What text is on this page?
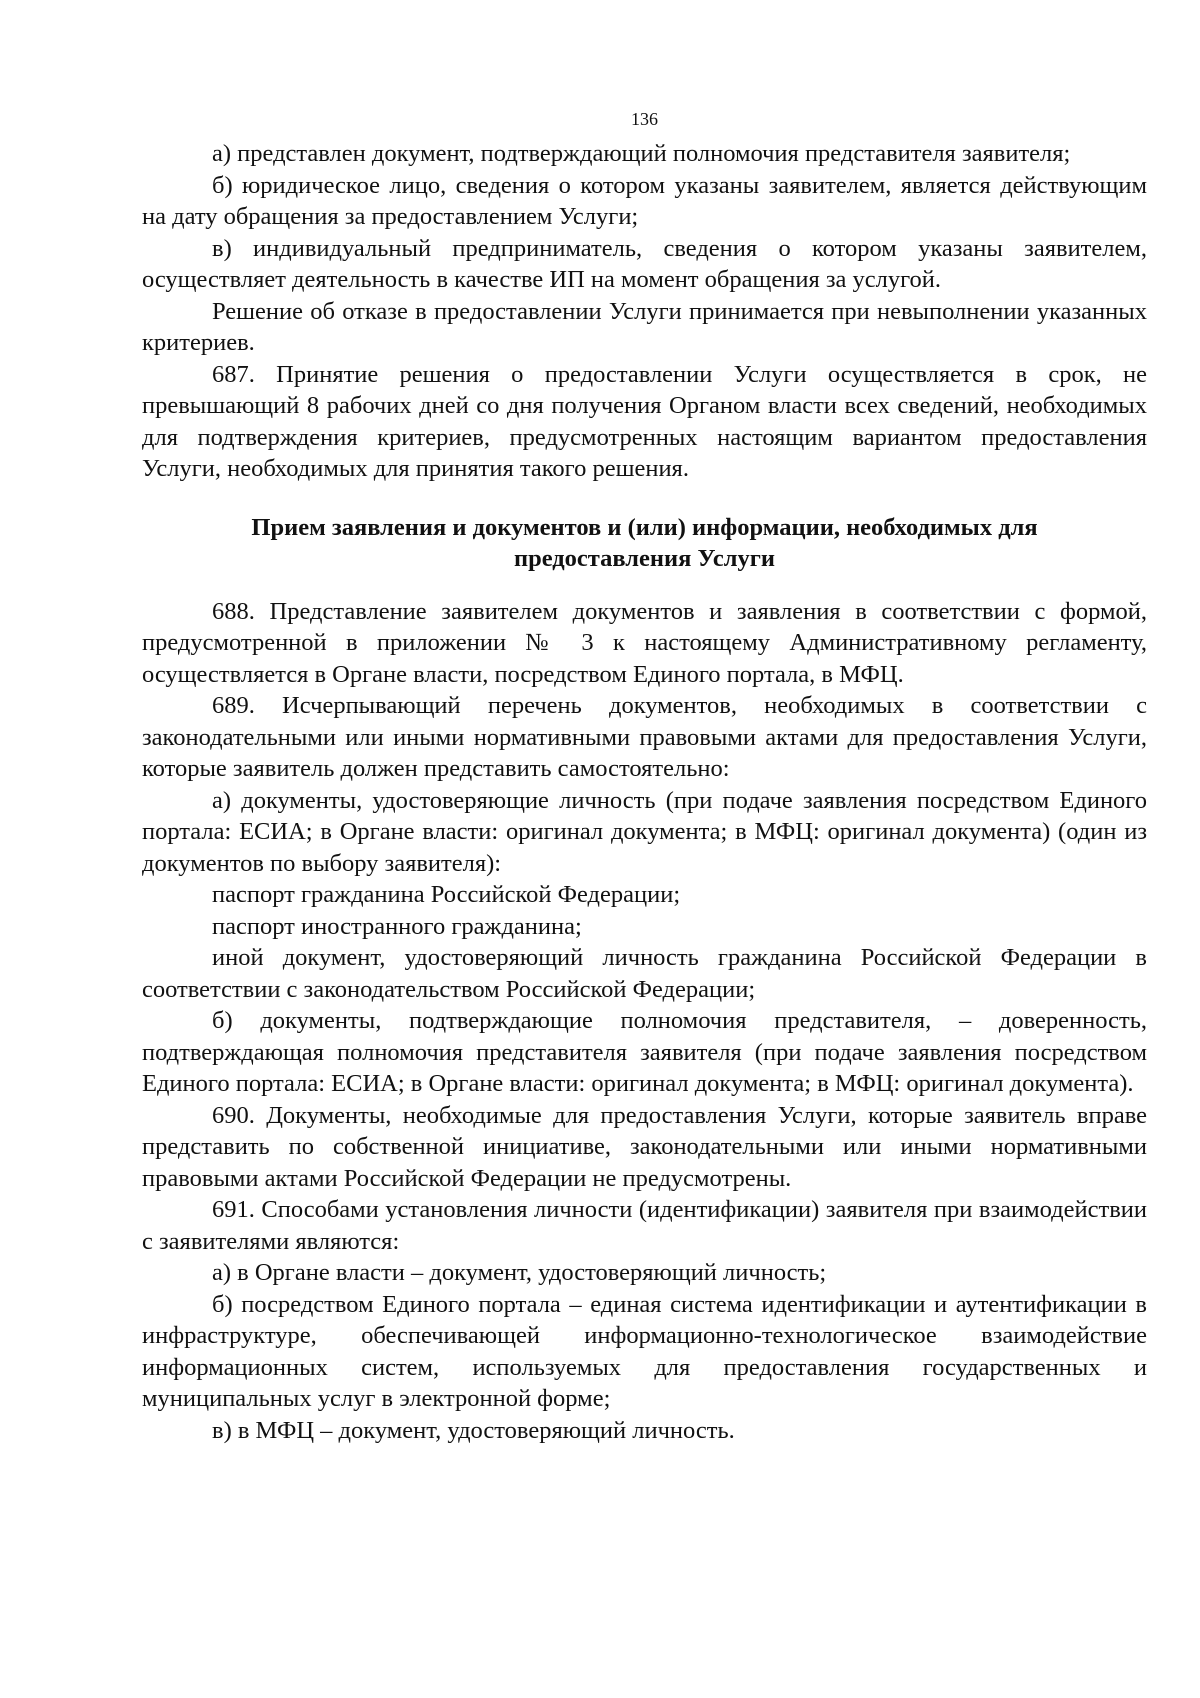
136

а) представлен документ, подтверждающий полномочия представителя заявителя;

б) юридическое лицо, сведения о котором указаны заявителем, является действующим на дату обращения за предоставлением Услуги;

в) индивидуальный предприниматель, сведения о котором указаны заявителем, осуществляет деятельность в качестве ИП на момент обращения за услугой.

Решение об отказе в предоставлении Услуги принимается при невыполнении указанных критериев.

687. Принятие решения о предоставлении Услуги осуществляется в срок, не превышающий 8 рабочих дней со дня получения Органом власти всех сведений, необходимых для подтверждения критериев, предусмотренных настоящим вариантом предоставления Услуги, необходимых для принятия такого решения.

Прием заявления и документов и (или) информации, необходимых для предоставления Услуги

688. Представление заявителем документов и заявления в соответствии с формой, предусмотренной в приложении № 3 к настоящему Административному регламенту, осуществляется в Органе власти, посредством Единого портала, в МФЦ.

689. Исчерпывающий перечень документов, необходимых в соответствии с законодательными или иными нормативными правовыми актами для предоставления Услуги, которые заявитель должен представить самостоятельно:

а) документы, удостоверяющие личность (при подаче заявления посредством Единого портала: ЕСИА; в Органе власти: оригинал документа; в МФЦ: оригинал документа) (один из документов по выбору заявителя):

паспорт гражданина Российской Федерации;

паспорт иностранного гражданина;

иной документ, удостоверяющий личность гражданина Российской Федерации в соответствии с законодательством Российской Федерации;

б) документы, подтверждающие полномочия представителя, – доверенность, подтверждающая полномочия представителя заявителя (при подаче заявления посредством Единого портала: ЕСИА; в Органе власти: оригинал документа; в МФЦ: оригинал документа).

690. Документы, необходимые для предоставления Услуги, которые заявитель вправе представить по собственной инициативе, законодательными или иными нормативными правовыми актами Российской Федерации не предусмотрены.

691. Способами установления личности (идентификации) заявителя при взаимодействии с заявителями являются:

а) в Органе власти – документ, удостоверяющий личность;

б) посредством Единого портала – единая система идентификации и аутентификации в инфраструктуре, обеспечивающей информационно-технологическое взаимодействие информационных систем, используемых для предоставления государственных и муниципальных услуг в электронной форме;

в) в МФЦ – документ, удостоверяющий личность.
